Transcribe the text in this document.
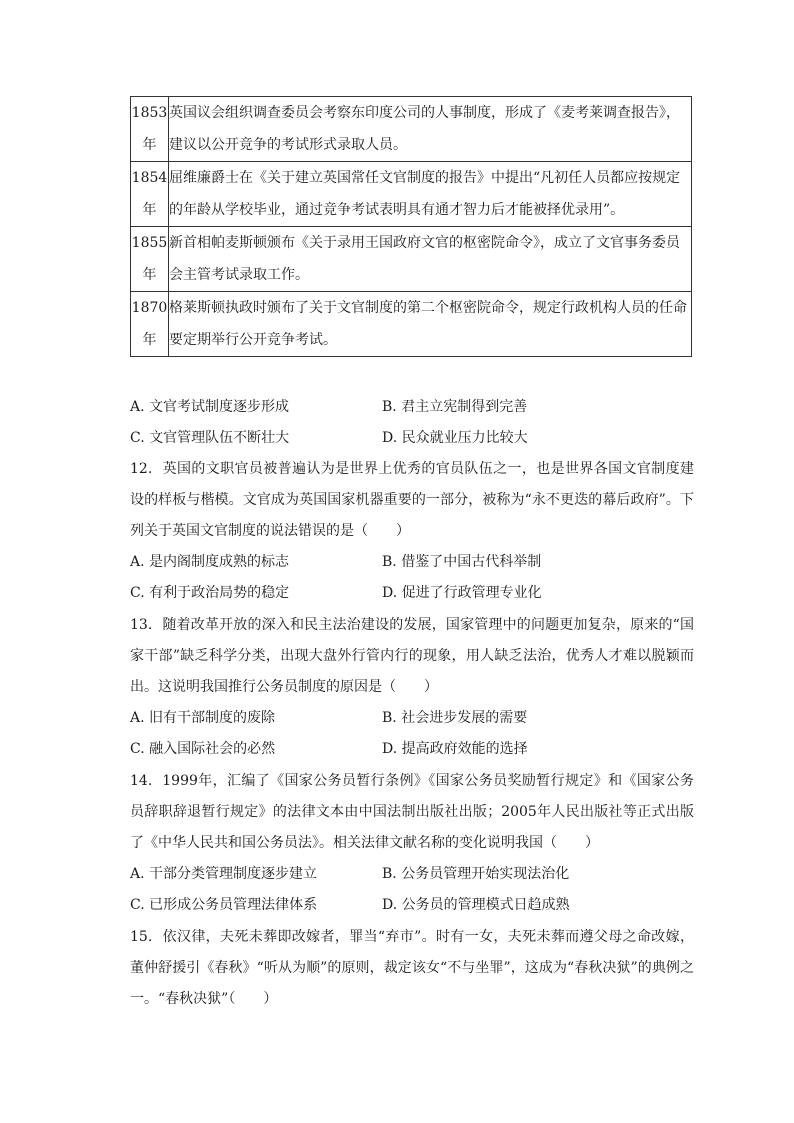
1853
年	英国议会组织调查委员会考察东印度公司的人事制度，形成了《麦考莱调查报告》，建议以公开竞争的考试形式录取人员。

1854
年	屈维廉爵士在《关于建立英国常任文官制度的报告》中提出“凡初任人员都应按规定的年龄从学校毕业，通过竞争考试表明具有通才智力后才能被择优录用”。

1855
年	新首相帕麦斯顿颁布《关于录用王国政府文官的枢密院命令》，成立了文官事务委员会主管考试录取工作。

1870
年	格莱斯顿执政时颁布了关于文官制度的第二个枢密院命令，规定行政机构人员的任命要定期举行公开竞争考试。
A. 文官考试制度逐步形成	B. 君主立宪制得到完善
C. 文官管理队伍不断壮大	D. 民众就业压力比较大
12. 英国的文职官员被普遍认为是世界上优秀的官员队伍之一，也是世界各国文官制度建设的样板与楷模。文官成为英国国家机器重要的一部分，被称为“永不更迭的幕后政府”。下列关于英国文官制度的说法错误的是（　　）
A. 是内阁制度成熟的标志	B. 借鉴了中国古代科举制
C. 有利于政治局势的稳定	D. 促进了行政管理专业化
13. 随着改革开放的深入和民主法治建设的发展，国家管理中的问题更加复杂，原来的“国家干部”缺乏科学分类，出现大盘外行管内行的现象，用人缺乏法治，优秀人才难以脱颖而出。这说明我国推行公务员制度的原因是（　　）
A. 旧有干部制度的废除	B. 社会进步发展的需要
C. 融入国际社会的必然	D. 提高政府效能的选择
14. 1999年，汇编了《国家公务员暂行条例》《国家公务员奖励暂行规定》和《国家公务员辞职辞退暂行规定》的法律文本由中国法制出版社出版；2005年人民出版社等正式出版了《中华人民共和国公务员法》。相关法律文献名称的变化说明我国（　　）
A. 干部分类管理制度逐步建立	B. 公务员管理开始实现法治化
C. 已形成公务员管理法律体系	D. 公务员的管理模式日趋成熟
15. 依汉律，夫死未葬即改嫁者，罪当“弃市”。时有一女，夫死未葬而遵父母之命改嫁，董仲舒援引《春秋》“听从为顺”的原则，裁定该女“不与坐罪”，这成为“春秋决狱”的典例之一。“春秋决狱”（　　）
